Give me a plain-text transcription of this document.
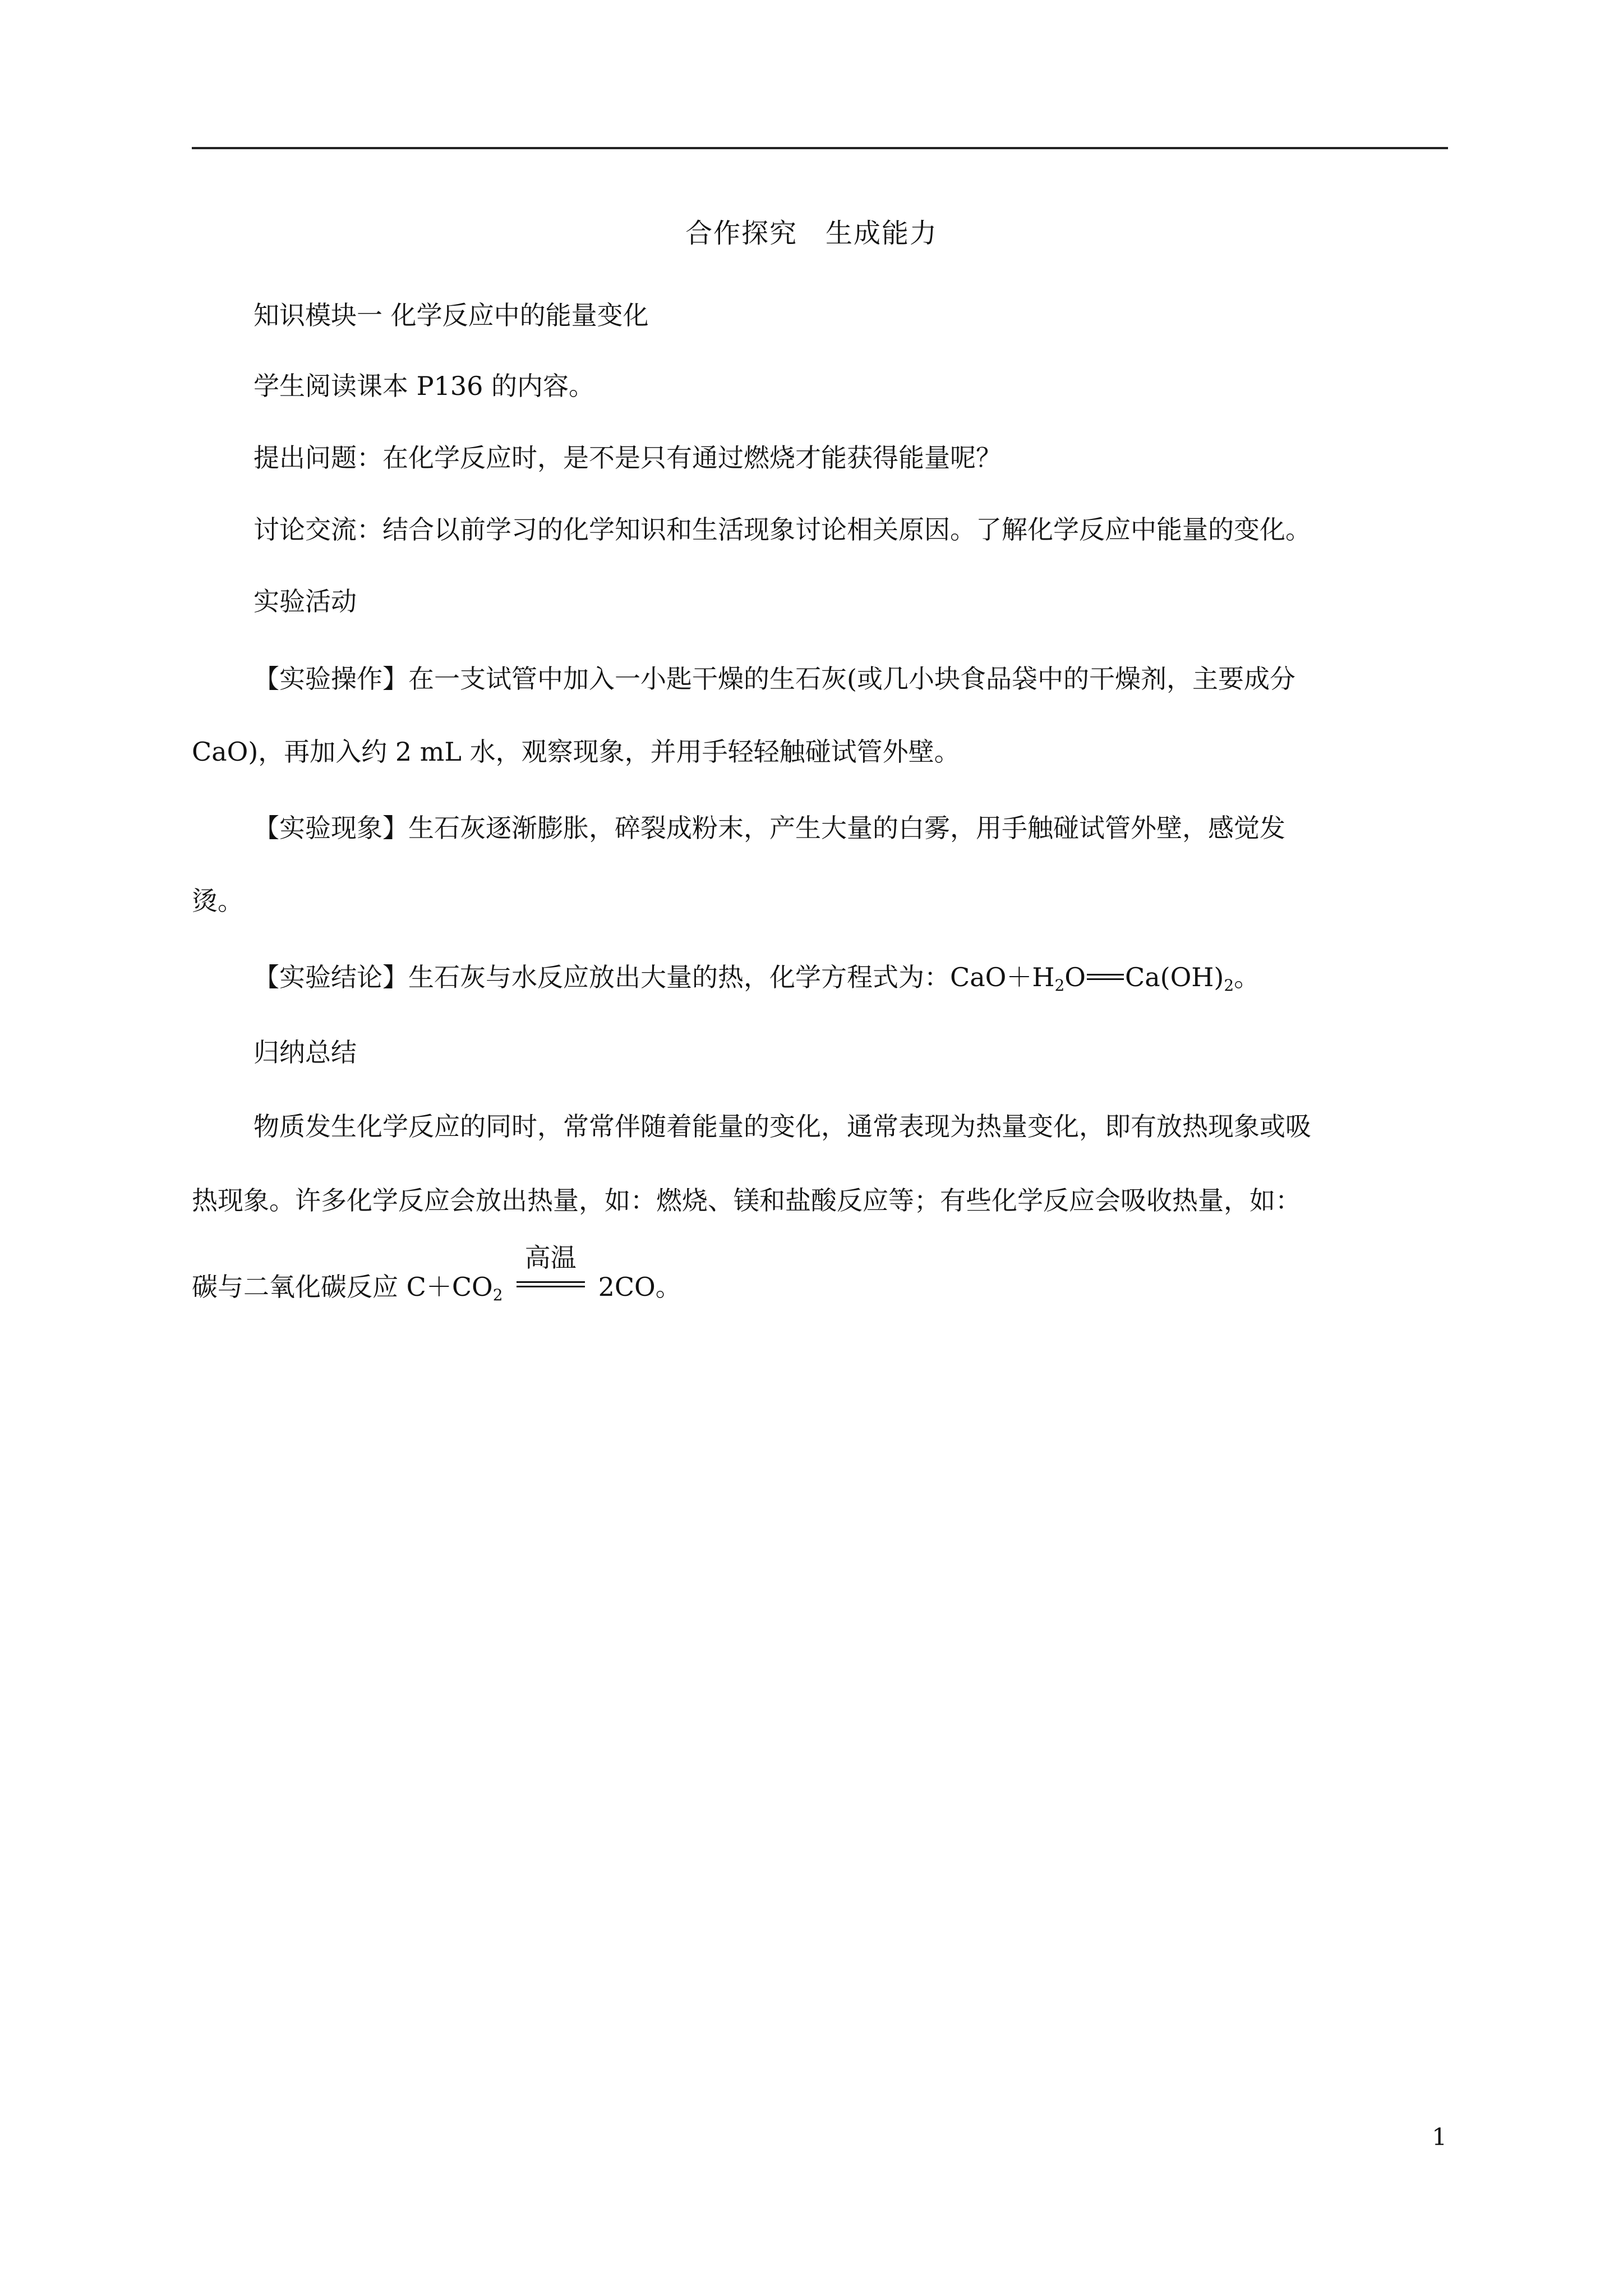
合作探究　生成能力

知识模块一 化学反应中的能量变化

学生阅读课本 P136 的内容。

提出问题：在化学反应时，是不是只有通过燃烧才能获得能量呢？

讨论交流：结合以前学习的化学知识和生活现象讨论相关原因。了解化学反应中能量的变化。

实验活动

【实验操作】在一支试管中加入一小匙干燥的生石灰(或几小块食品袋中的干燥剂，主要成分
CaO)，再加入约 2 mL 水，观察现象，并用手轻轻触碰试管外壁。
【实验现象】生石灰逐渐膨胀，碎裂成粉末，产生大量的白雾，用手触碰试管外壁，感觉发
烫。
【实验结论】生石灰与水反应放出大量的热，化学方程式为：$CaO+H_2O$ $Ca(OH)_2$。

归纳总结

物质发生化学反应的同时，常常伴随着能量的变化，通常表现为热量变化，即有放热现象或吸
热现象。许多化学反应会放出热量，如：燃烧、镁和盐酸反应等；有些化学反应会吸收热量，如：
碳与二氧化碳反应 $C+CO_2$
高温
2CO。
1
